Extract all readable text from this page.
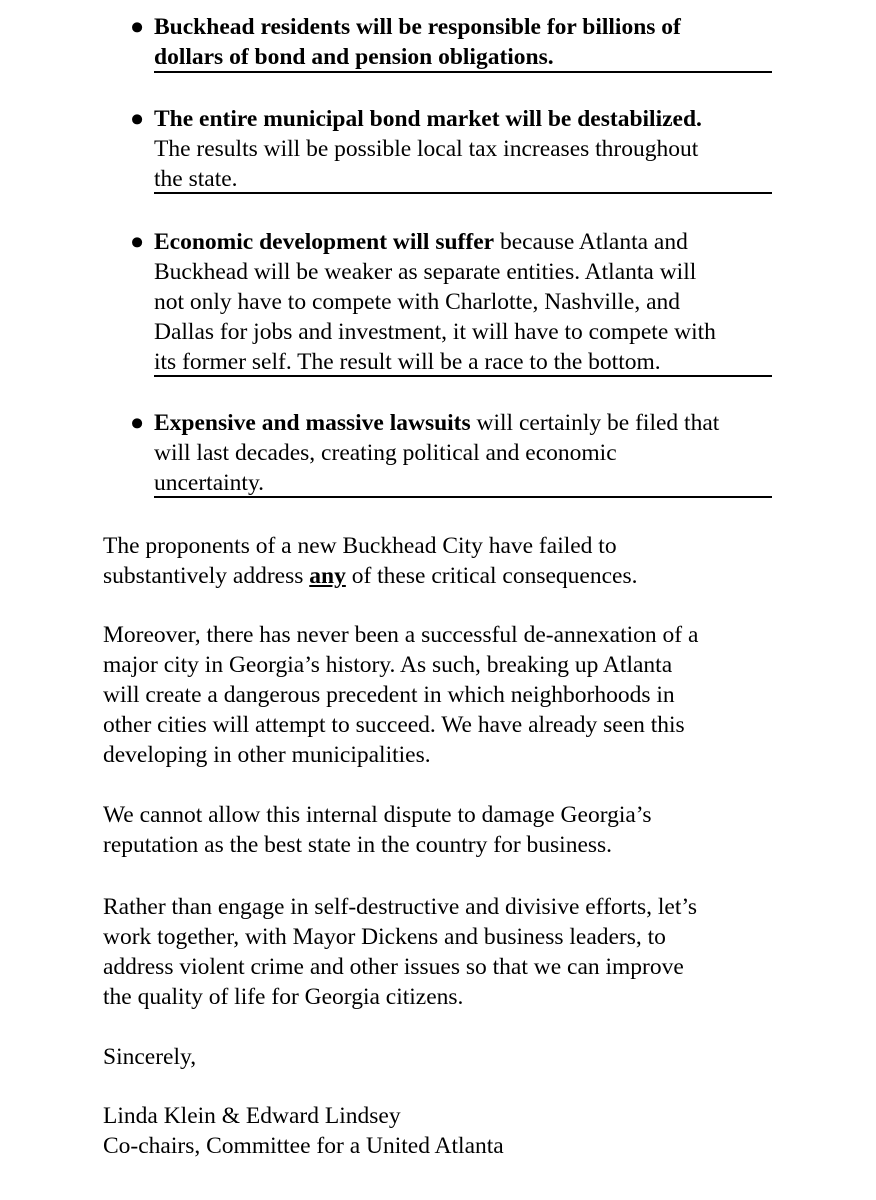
● Buckhead residents will be responsible for billions of
dollars of bond and pension obligations.
● The entire municipal bond market will be destabilized.
The results will be possible local tax increases throughout
the state.
● Economic development will suffer because Atlanta and
Buckhead will be weaker as separate entities. Atlanta will
not only have to compete with Charlotte, Nashville, and
Dallas for jobs and investment, it will have to compete with
its former self. The result will be a race to the bottom.
● Expensive and massive lawsuits will certainly be filed that
will last decades, creating political and economic
uncertainty.
The proponents of a new Buckhead City have failed to
substantively address any of these critical consequences.
Moreover, there has never been a successful de-annexation of a
major city in Georgia’s history. As such, breaking up Atlanta
will create a dangerous precedent in which neighborhoods in
other cities will attempt to succeed. We have already seen this
developing in other municipalities.
We cannot allow this internal dispute to damage Georgia’s
reputation as the best state in the country for business.
Rather than engage in self-destructive and divisive efforts, let’s
work together, with Mayor Dickens and business leaders, to
address violent crime and other issues so that we can improve
the quality of life for Georgia citizens.
Sincerely,
Linda Klein & Edward Lindsey
Co-chairs, Committee for a United Atlanta
